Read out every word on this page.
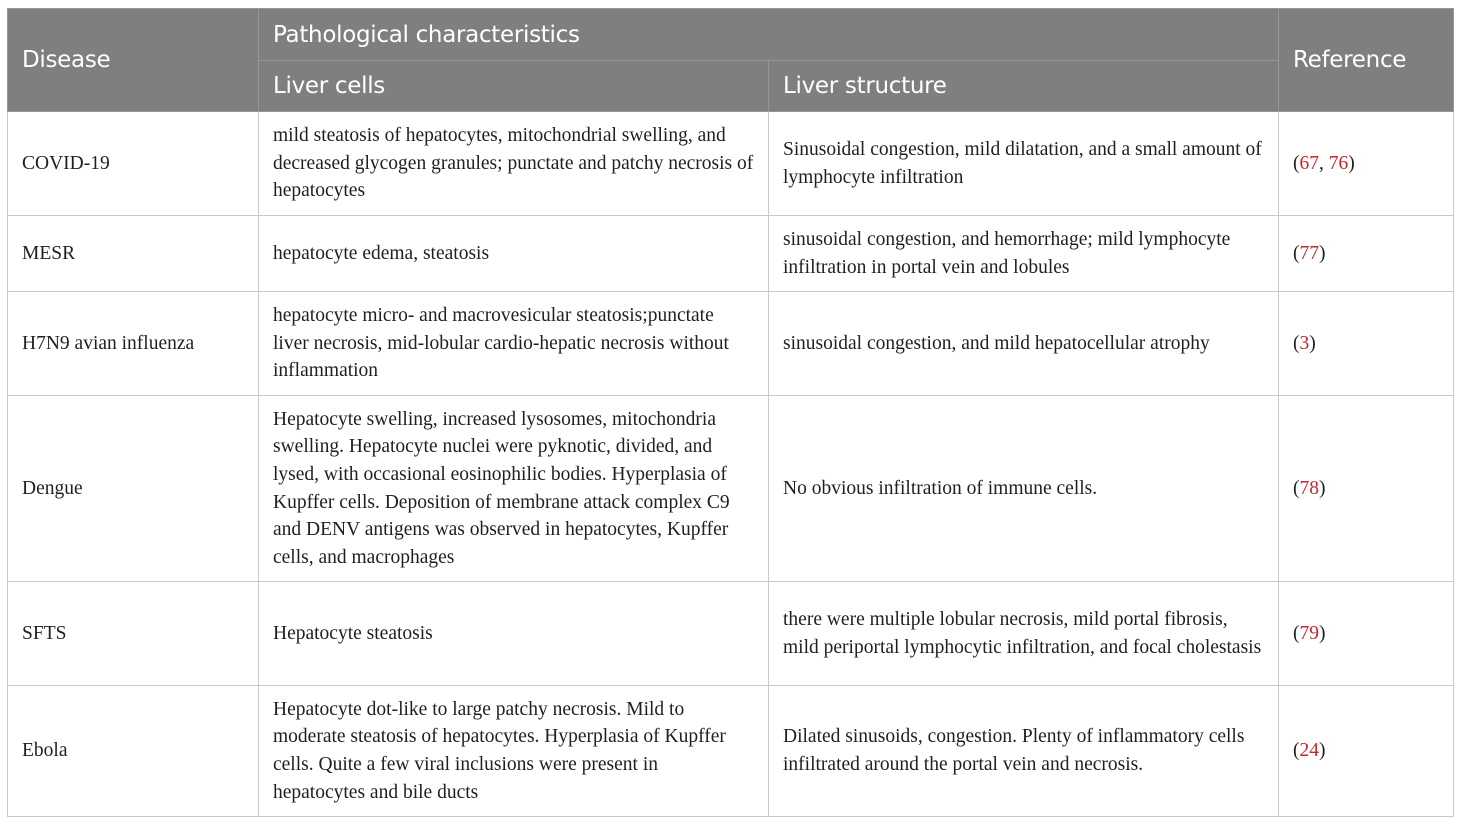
Disease	Pathological characteristics		Reference
	Liver cells	Liver structure	
COVID-19	mild steatosis of hepatocytes, mitochondrial swelling, and decreased glycogen granules; punctate and patchy necrosis of hepatocytes	Sinusoidal congestion, mild dilatation, and a small amount of lymphocyte infiltration	(67, 76)
MESR	hepatocyte edema, steatosis	sinusoidal congestion, and hemorrhage; mild lymphocyte infiltration in portal vein and lobules	(77)
H7N9 avian influenza	hepatocyte micro- and macrovesicular steatosis;punctate liver necrosis, mid-lobular cardio-hepatic necrosis without inflammation	sinusoidal congestion, and mild hepatocellular atrophy	(3)
Dengue	Hepatocyte swelling, increased lysosomes, mitochondria swelling. Hepatocyte nuclei were pyknotic, divided, and lysed, with occasional eosinophilic bodies. Hyperplasia of Kupffer cells. Deposition of membrane attack complex C9 and DENV antigens was observed in hepatocytes, Kupffer cells, and macrophages	No obvious infiltration of immune cells.	(78)
SFTS	Hepatocyte steatosis	there were multiple lobular necrosis, mild portal fibrosis, mild periportal lymphocytic infiltration, and focal cholestasis	(79)
Ebola	Hepatocyte dot-like to large patchy necrosis. Mild to moderate steatosis of hepatocytes. Hyperplasia of Kupffer cells. Quite a few viral inclusions were present in hepatocytes and bile ducts	Dilated sinusoids, congestion. Plenty of inflammatory cells infiltrated around the portal vein and necrosis.	(24)
